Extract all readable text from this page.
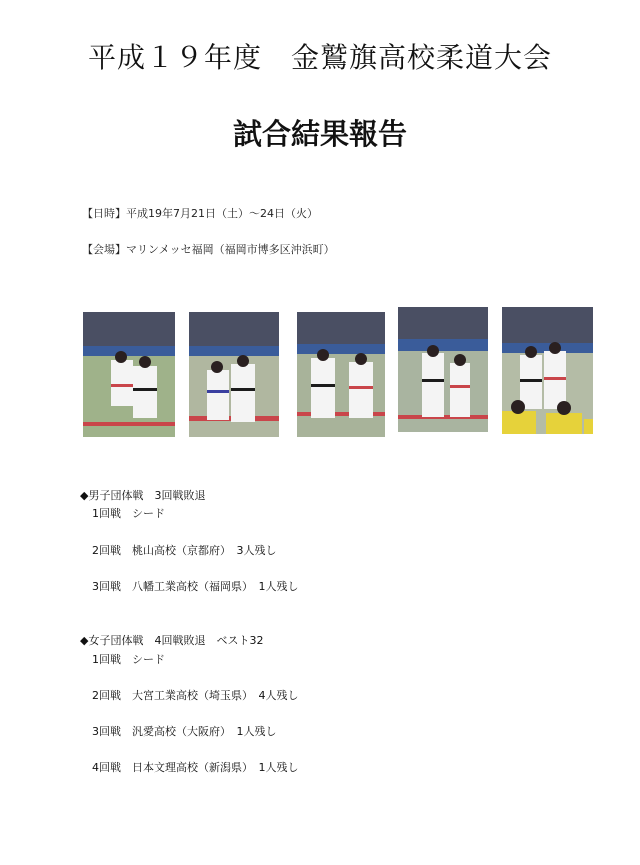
平成１９年度　金鷲旗高校柔道大会
試合結果報告
【日時】平成19年7月21日（土）～24日（火）
【会場】マリンメッセ福岡（福岡市博多区沖浜町）
◆男子団体戦　3回戦敗退
1回戦　シード
2回戦　桃山高校（京都府）　3人残し
3回戦　八幡工業高校（福岡県）　1人残し
◆女子団体戦　4回戦敗退　ベスト32
1回戦　シード
2回戦　大宮工業高校（埼玉県）　4人残し
3回戦　汎愛高校（大阪府）　1人残し
4回戦　日本文理高校（新潟県）　1人残し
